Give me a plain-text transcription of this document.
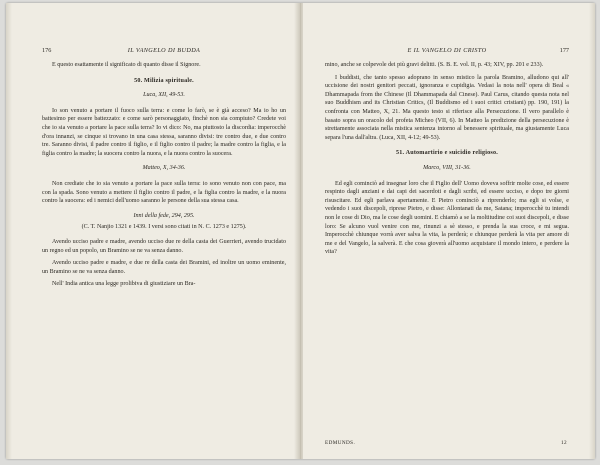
176	IL VANGELO DI BUDDA

E questo esattamente il significato di quanto disse il Signore.

50. Milizia spirituale.
Luca, XII, 49-53.

Io son venuto a portare il fuoco sulla terra: e come lo farò, se è già acceso? Ma io ho un battesimo per essere battezzato: e come sarò personaggiato, finchè non sia compiuto? Credete voi che io sia venuto a portare la pace sulla terra? Io vi dico: No, ma piuttosto la discordia: imperocchè d'ora innanzi, se cinque si trovano in una casa stessa, saranno divisi: tre contro due, e due contro tre. Saranno divisi, il padre contro il figlio, e il figlio contro il padre; la madre contro la figlia, e la figlia contro la madre; la suocera contro la nuora, e la nuora contro la suocera.

Matteo, X, 34-36.

Non crediate che io sia venuto a portare la pace sulla terra: io sono venuto non con pace, ma con la spada. Sono venuto a mettere il figlio contro il padre, e la figlia contro la madre, e la nuora contro la suocera: ed i nemici dell'uomo saranno le persone della sua stessa casa.

Inni della fede, 294, 295.
(C. T. Nanjio 1321 e 1439. I versi sono citati in N. C. 1273 e 1275).

Avendo ucciso padre e madre, avendo ucciso due re della casta dei Guerrieri, avendo trucidato un regno ed un popolo, un Bramino se ne va senza danno.

Avendo ucciso padre e madre, e due re della casta dei Bramini, ed inoltre un uomo eminente, un Bramino se ne va senza danno.

Nell' India antica una legge prolibiva di giustiziare un Bra-

E IL VANGELO DI CRISTO	177

mino, anche se colpevole dei più gravi delitti. (S. B. E. vol. II, p. 43; XIV, pp. 201 e 233).

I buddisti, che tanto spesso adoprano in senso mistico la parola Bramino, alludono qui all' uccisione dei nostri genitori peccati, ignoranza e cupidigia. Vedasi la nota nell' opera di Beal « Dhammapada from the Chinese (Il Dhammapada dal Cinese). Paul Carus, citando questa nota nel suo Buddhism and its Christian Critics, (Il Buddismo ed i suoi critici cristiani) pp. 190, 191) la confronta con Matteo, X, 21. Ma questo testo si riferisce alla Persecuzione. Il vero parallelo è basato sopra un oracolo del profeta Micheo (VII, 6). In Matteo la predizione della persecuzione è strettamente associata nella mistica sentenza intorno al benessere spirituale, ma giustamente Luca separa l'una dall'altra. (Luca, XII, 4-12; 49-53).

51. Automartirio e suicidio religioso.
Marco, VIII, 31-36.

Ed egli cominciò ad insegnar loro che il Figlio dell' Uomo doveva soffrir molte cose, ed essere respinto dagli anziani e dai capi dei sacerdoti e dagli scribi, ed essere ucciso, e dopo tre giorni risuscitare. Ed egli parlava apertamente. E Pietro cominciò a riprenderlo; ma egli si volse, e vedendo i suoi discepoli, riprese Pietro, e disse: Allontanati da me, Satana; imperocchè tu intendi non le cose di Dio, ma le cose degli uomini. E chiamò a se la moltitudine coi suoi discepoli, e disse loro: Se alcuno vuol venire con me, rinunzi a sè stesso, e prenda la sua croce, e mi segua. Imperocchè chiunque vorrà aver salva la vita, la perderà; e chiunque perderà la vita per amore di me e del Vangelo, la salverà. E che cosa gioverà all'uomo acquistare il mondo intero, e perdere la vita?

EDMUNDS.	12
